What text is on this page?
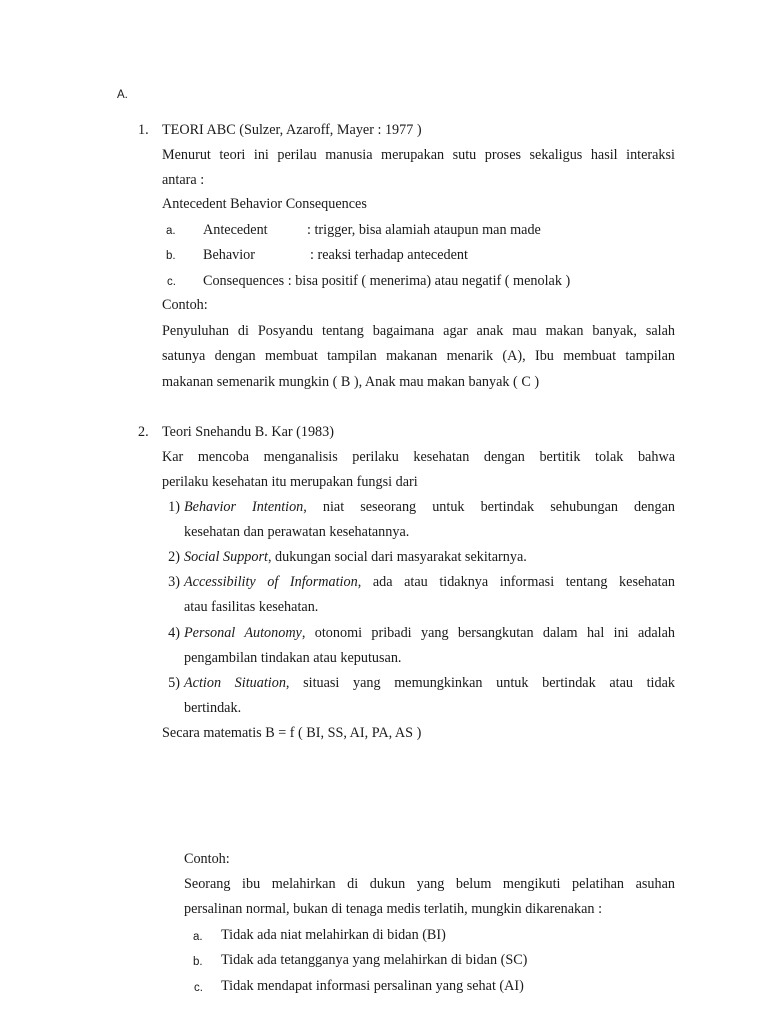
A.
1. TEORI ABC (Sulzer, Azaroff, Mayer : 1977 )
Menurut teori ini perilau manusia merupakan sutu proses sekaligus hasil interaksi
antara :
Antecedent Behavior Consequences
a. Antecedent	: trigger, bisa alamiah ataupun man made
b. Behavior	: reaksi terhadap antecedent
c. Consequences : bisa positif ( menerima) atau negatif ( menolak )
Contoh:
Penyuluhan di Posyandu tentang bagaimana agar anak mau makan banyak, salah
satunya dengan membuat tampilan makanan menarik (A), Ibu membuat tampilan
makanan semenarik mungkin ( B ), Anak mau makan banyak ( C )
2. Teori Snehandu B. Kar (1983)
Kar mencoba menganalisis perilaku kesehatan dengan bertitik tolak bahwa
perilaku kesehatan itu merupakan fungsi dari
1) Behavior Intention, niat seseorang untuk bertindak sehubungan dengan
kesehatan dan perawatan kesehatannya.
2) Social Support, dukungan social dari masyarakat sekitarnya.
3) Accessibility of Information, ada atau tidaknya informasi tentang kesehatan
atau fasilitas kesehatan.
4) Personal Autonomy, otonomi pribadi yang bersangkutan dalam hal ini adalah
pengambilan tindakan atau keputusan.
5) Action Situation, situasi yang memungkinkan untuk bertindak atau tidak
bertindak.
Secara matematis B = f ( BI, SS, AI, PA, AS )
Contoh:
Seorang ibu melahirkan di dukun yang belum mengikuti pelatihan asuhan
persalinan normal, bukan di tenaga medis terlatih, mungkin dikarenakan :
a. Tidak ada niat melahirkan di bidan (BI)
b. Tidak ada tetangganya yang melahirkan di bidan (SC)
c. Tidak mendapat informasi persalinan yang sehat (AI)
